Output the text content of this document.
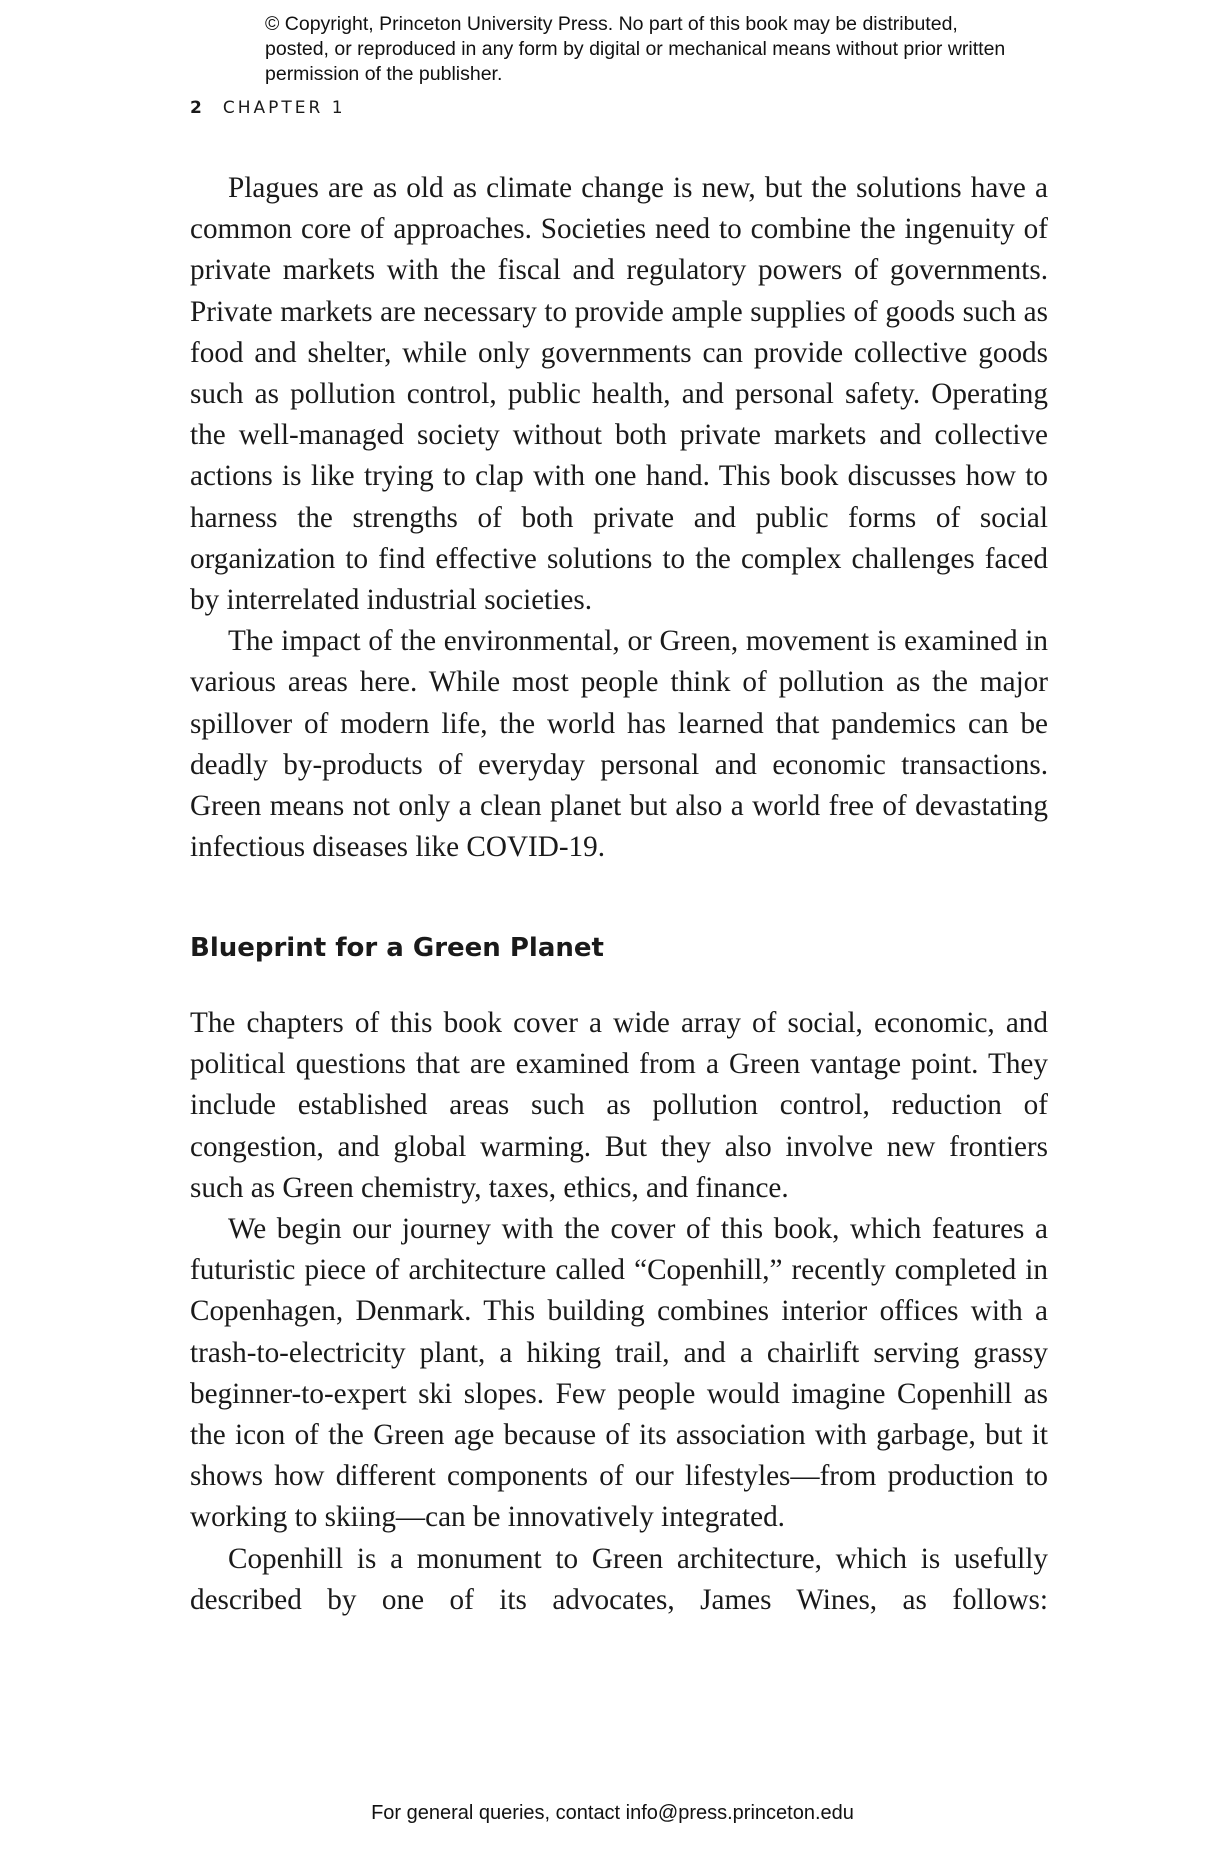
© Copyright, Princeton University Press. No part of this book may be distributed, posted, or reproduced in any form by digital or mechanical means without prior written permission of the publisher.
2 CHAPTER 1

Plagues are as old as climate change is new, but the solutions have a common core of approaches. Societies need to combine the ingenuity of private markets with the fiscal and regulatory powers of governments. Private markets are necessary to provide ample supplies of goods such as food and shelter, while only governments can provide collective goods such as pollution control, public health, and personal safety. Operating the well-managed society without both private markets and collective actions is like trying to clap with one hand. This book discusses how to harness the strengths of both private and public forms of social organization to find effective solutions to the complex challenges faced by interrelated industrial societies.

The impact of the environmental, or Green, movement is examined in various areas here. While most people think of pollution as the major spillover of modern life, the world has learned that pandemics can be deadly by-products of everyday personal and economic transactions. Green means not only a clean planet but also a world free of devastating infectious diseases like COVID-19.

Blueprint for a Green Planet

The chapters of this book cover a wide array of social, economic, and political questions that are examined from a Green vantage point. They include established areas such as pollution control, reduction of congestion, and global warming. But they also involve new frontiers such as Green chemistry, taxes, ethics, and finance.

We begin our journey with the cover of this book, which features a futuristic piece of architecture called “Copenhill,” recently completed in Copenhagen, Denmark. This building combines interior offices with a trash-to-electricity plant, a hiking trail, and a chairlift serving grassy beginner-to-expert ski slopes. Few people would imagine Copenhill as the icon of the Green age because of its association with garbage, but it shows how different components of our lifestyles—from production to working to skiing—can be innovatively integrated.

Copenhill is a monument to Green architecture, which is usefully described by one of its advocates, James Wines, as follows:

For general queries, contact info@press.princeton.edu
